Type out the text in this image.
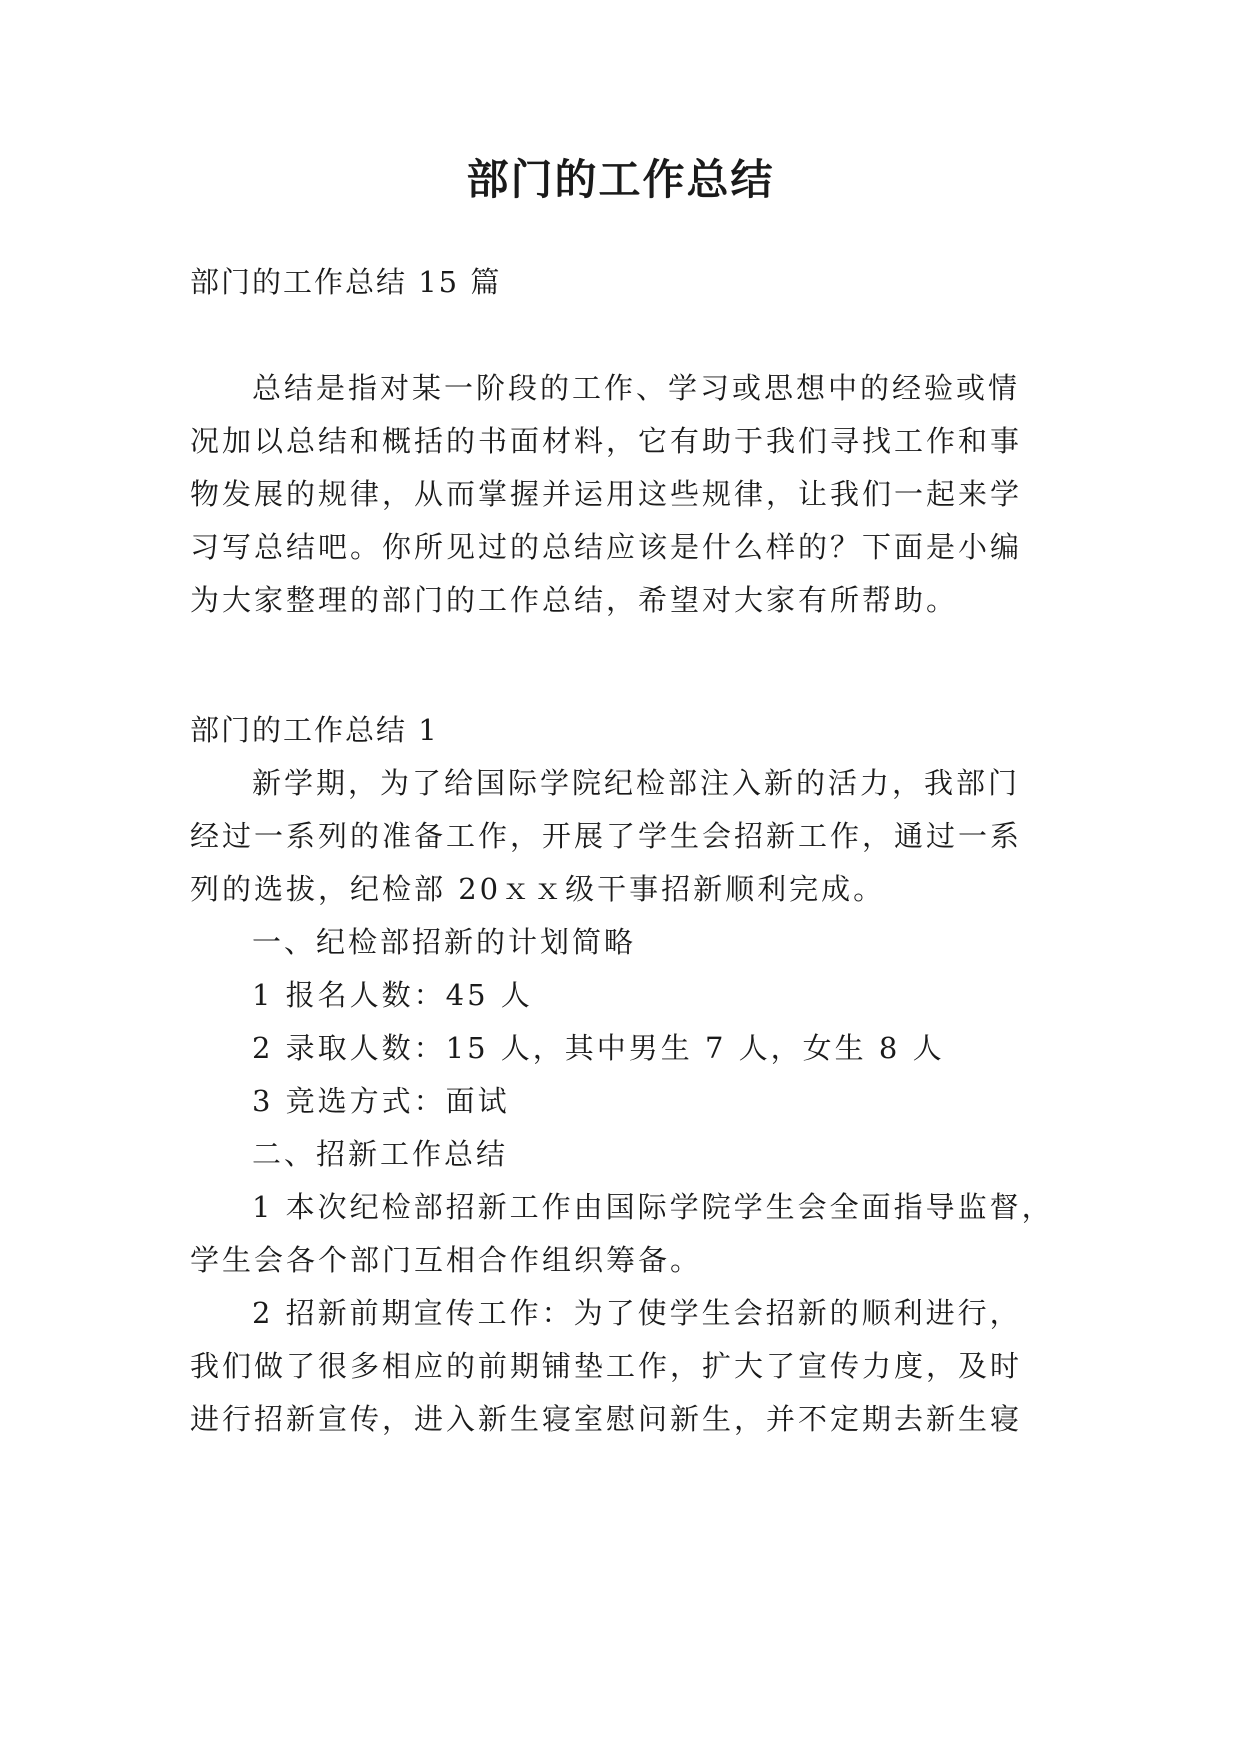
部门的工作总结

部门的工作总结 15 篇

总结是指对某一阶段的工作、学习或思想中的经验或情

况加以总结和概括的书面材料，它有助于我们寻找工作和事

物发展的规律，从而掌握并运用这些规律，让我们一起来学

习写总结吧。你所见过的总结应该是什么样的？下面是小编

为大家整理的部门的工作总结，希望对大家有所帮助。

部门的工作总结 1

新学期，为了给国际学院纪检部注入新的活力，我部门

经过一系列的准备工作，开展了学生会招新工作，通过一系

列的选拔，纪检部 20ｘｘ级干事招新顺利完成。

一、纪检部招新的计划简略

1 报名人数：45 人

2 录取人数：15 人，其中男生 7 人，女生 8 人

3 竞选方式：面试

二、招新工作总结

1 本次纪检部招新工作由国际学院学生会全面指导监督，

学生会各个部门互相合作组织筹备。

2 招新前期宣传工作：为了使学生会招新的顺利进行，

我们做了很多相应的前期铺垫工作，扩大了宣传力度，及时

进行招新宣传，进入新生寝室慰问新生，并不定期去新生寝
